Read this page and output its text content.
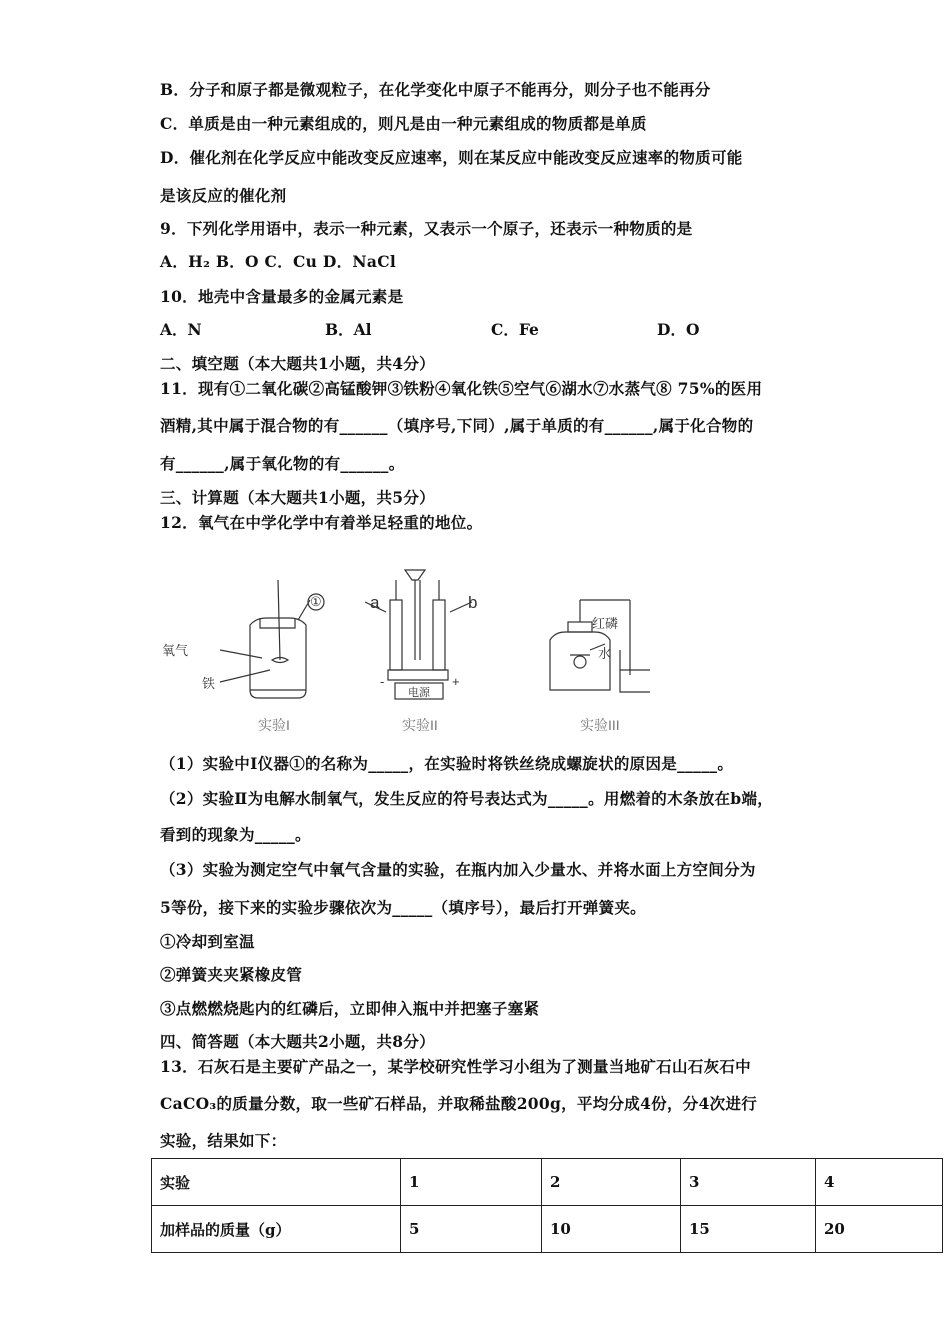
B．分子和原子都是微观粒子，在化学变化中原子不能再分，则分子也不能再分
C．单质是由一种元素组成的，则凡是由一种元素组成的物质都是单质
D．催化剂在化学反应中能改变反应速率，则在某反应中能改变反应速率的物质可能
是该反应的催化剂
9．下列化学用语中，表示一种元素，又表示一个原子，还表示一种物质的是
A．H₂ B．O C．Cu D．NaCl
10．地壳中含量最多的金属元素是
A．N	B．Al	C．Fe	D．O
二、填空题（本大题共1小题，共4分）
11．现有①二氧化碳②高锰酸钾③铁粉④氧化铁⑤空气⑥湖水⑦水蒸气⑧ 75%的医用
酒精,其中属于混合物的有______（填序号,下同）,属于单质的有______,属于化合物的
有______,属于氧化物的有______。
三、计算题（本大题共1小题，共5分）
12．氧气在中学化学中有着举足轻重的地位。
①
氧气
铁
a	b
电源
-	+
红磷
水
实验I	实验II	实验III
（1）实验中Ⅰ仪器①的名称为_____，在实验时将铁丝绕成螺旋状的原因是_____。
（2）实验Ⅱ为电解水制氧气，发生反应的符号表达式为_____。用燃着的木条放在b端，
看到的现象为_____。
（3）实验为测定空气中氧气含量的实验，在瓶内加入少量水、并将水面上方空间分为
5等份，接下来的实验步骤依次为_____（填序号），最后打开弹簧夹。
①冷却到室温
②弹簧夹夹紧橡皮管
③点燃燃烧匙内的红磷后，立即伸入瓶中并把塞子塞紧
四、简答题（本大题共2小题，共8分）
13．石灰石是主要矿产品之一，某学校研究性学习小组为了测量当地矿石山石灰石中
CaCO₃的质量分数，取一些矿石样品，并取稀盐酸200g，平均分成4份，分4次进行
实验，结果如下：
实验	1	2	3	4
加样品的质量（g）	5	10	15	20
